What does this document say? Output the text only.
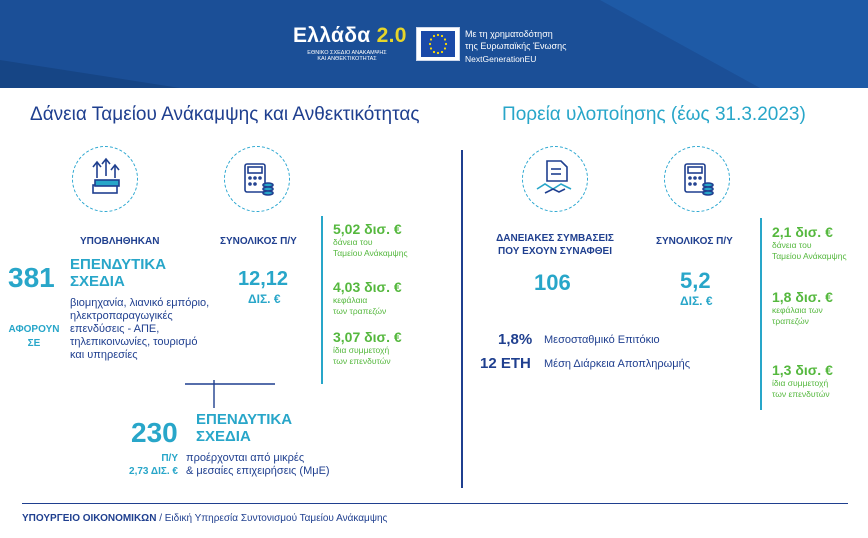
Ελλάδα 2.0
ΕΘΝΙΚΟ ΣΧΕΔΙΟ ΑΝΑΚΑΜΨΗΣ
ΚΑΙ ΑΝΘΕΚΤΙΚΟΤΗΤΑΣ
Με τη χρηματοδότηση
της Ευρωπαϊκής Ένωσης
NextGenerationEU
Δάνεια Ταμείου Ανάκαμψης και Ανθεκτικότητας	Πορεία υλοποίησης (έως 31.3.2023)
ΥΠΟΒΛΗΘΗΚΑΝ
381 ΕΠΕΝΔΥΤΙΚΑ
ΣΧΕΔΙΑ
ΑΦΟΡΟΥΝ
ΣΕ
βιομηχανία, λιανικό εμπόριο,
ηλεκτροπαραγωγικές
επενδύσεις - ΑΠΕ,
τηλεπικοινωνίες, τουρισμό
και υπηρεσίες
ΣΥΝΟΛΙΚΟΣ Π/Υ
12,12
ΔΙΣ. €
5,02 δισ. €
δάνεια του
Ταμείου Ανάκαμψης
4,03 δισ. €
κεφάλαια
των τραπεζών
3,07 δισ. €
ίδια συμμετοχή
των επενδυτών
230 ΕΠΕΝΔΥΤΙΚΑ
ΣΧΕΔΙΑ
Π/Υ
2,73 ΔΙΣ. €
προέρχονται από μικρές
& μεσαίες επιχειρήσεις (ΜμΕ)
ΔΑΝΕΙΑΚΕΣ ΣΥΜΒΑΣΕΙΣ
ΠΟΥ ΕΧΟΥΝ ΣΥΝΑΦΘΕΙ
106
ΣΥΝΟΛΙΚΟΣ Π/Υ
5,2
ΔΙΣ. €
1,8% Μεσοσταθμικό Επιτόκιο
12 ΕΤΗ Μέση Διάρκεια Αποπληρωμής
2,1 δισ. €
δάνεια του
Ταμείου Ανάκαμψης
1,8 δισ. €
κεφάλαια των
τραπεζών
1,3 δισ. €
ίδια συμμετοχή
των επενδυτών
ΥΠΟΥΡΓΕΙΟ ΟΙΚΟΝΟΜΙΚΩΝ / Ειδική Υπηρεσία Συντονισμού Ταμείου Ανάκαμψης
